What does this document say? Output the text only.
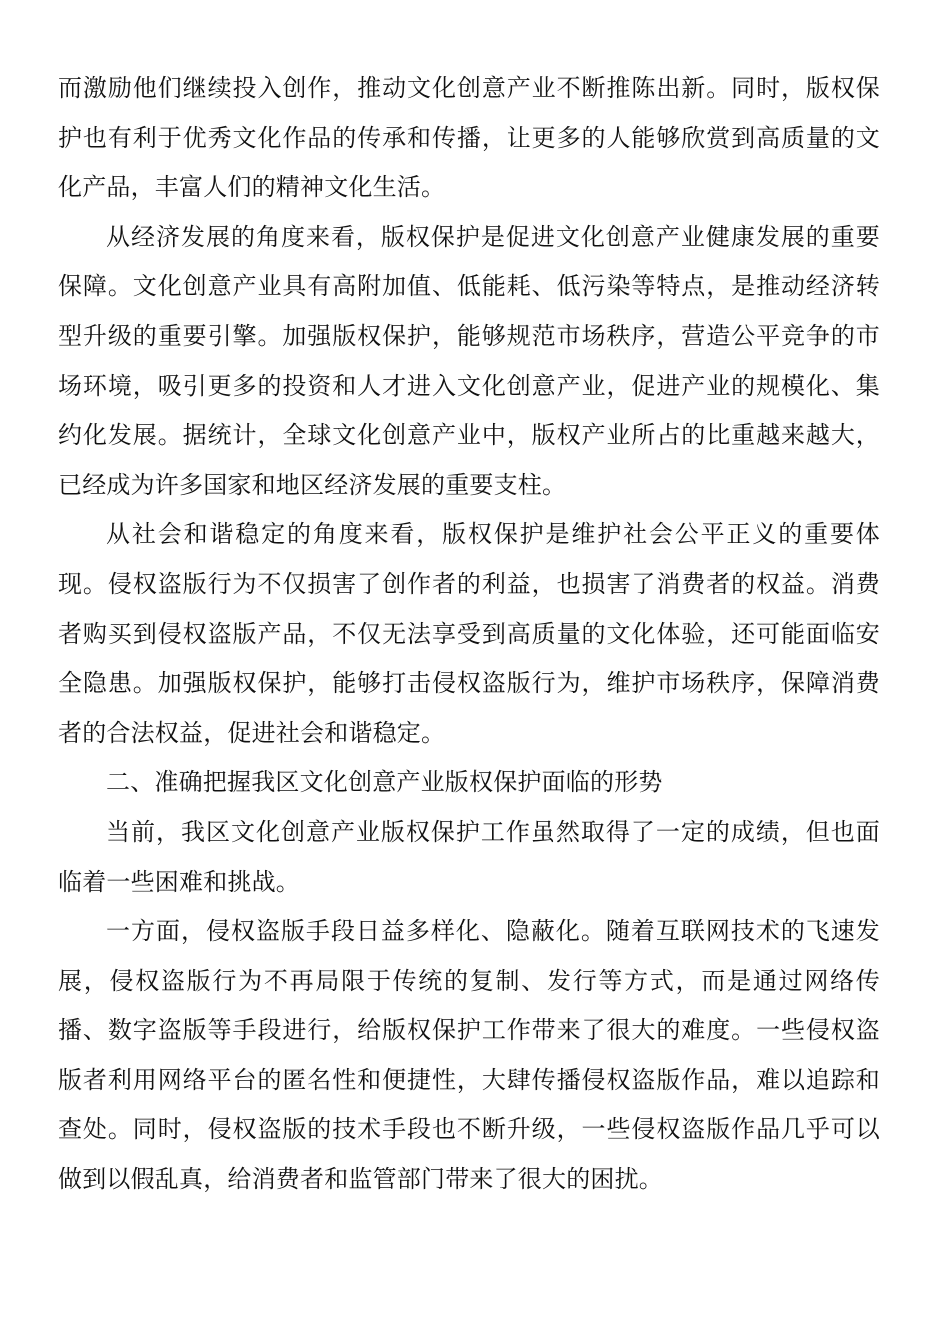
而激励他们继续投入创作，推动文化创意产业不断推陈出新。同时，版权保护也有利于优秀文化作品的传承和传播，让更多的人能够欣赏到高质量的文化产品，丰富人们的精神文化生活。

从经济发展的角度来看，版权保护是促进文化创意产业健康发展的重要保障。文化创意产业具有高附加值、低能耗、低污染等特点，是推动经济转型升级的重要引擎。加强版权保护，能够规范市场秩序，营造公平竞争的市场环境，吸引更多的投资和人才进入文化创意产业，促进产业的规模化、集约化发展。据统计，全球文化创意产业中，版权产业所占的比重越来越大，已经成为许多国家和地区经济发展的重要支柱。

从社会和谐稳定的角度来看，版权保护是维护社会公平正义的重要体现。侵权盗版行为不仅损害了创作者的利益，也损害了消费者的权益。消费者购买到侵权盗版产品，不仅无法享受到高质量的文化体验，还可能面临安全隐患。加强版权保护，能够打击侵权盗版行为，维护市场秩序，保障消费者的合法权益，促进社会和谐稳定。

二、准确把握我区文化创意产业版权保护面临的形势

当前，我区文化创意产业版权保护工作虽然取得了一定的成绩，但也面临着一些困难和挑战。

一方面，侵权盗版手段日益多样化、隐蔽化。随着互联网技术的飞速发展，侵权盗版行为不再局限于传统的复制、发行等方式，而是通过网络传播、数字盗版等手段进行，给版权保护工作带来了很大的难度。一些侵权盗版者利用网络平台的匿名性和便捷性，大肆传播侵权盗版作品，难以追踪和查处。同时，侵权盗版的技术手段也不断升级，一些侵权盗版作品几乎可以做到以假乱真，给消费者和监管部门带来了很大的困扰。
